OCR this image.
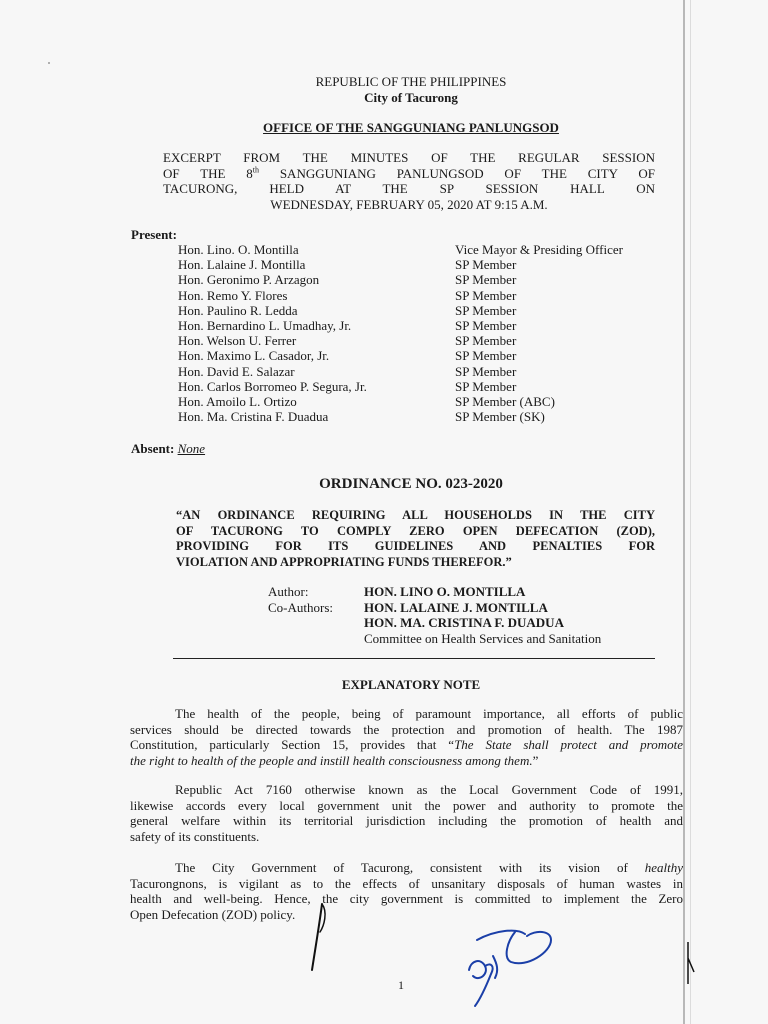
REPUBLIC OF THE PHILIPPINES
City of Tacurong
OFFICE OF THE SANGGUNIANG PANLUNGSOD
EXCERPT FROM THE MINUTES OF THE REGULAR SESSION
OF THE 8th SANGGUNIANG PANLUNGSOD OF THE CITY OF
TACURONG, HELD AT THE SP SESSION HALL ON
WEDNESDAY, FEBRUARY 05, 2020 AT 9:15 A.M.
Present:
Hon. Lino. O. Montilla	Vice Mayor & Presiding Officer
Hon. Lalaine J. Montilla	SP Member
Hon. Geronimo P. Arzagon	SP Member
Hon. Remo Y. Flores	SP Member
Hon. Paulino R. Ledda	SP Member
Hon. Bernardino L. Umadhay, Jr.	SP Member
Hon. Welson U. Ferrer	SP Member
Hon. Maximo L. Casador, Jr.	SP Member
Hon. David E. Salazar	SP Member
Hon. Carlos Borromeo P. Segura, Jr.	SP Member
Hon. Amoilo L. Ortizo	SP Member (ABC)
Hon. Ma. Cristina F. Duadua	SP Member (SK)
Absent: None
ORDINANCE NO. 023-2020
“AN ORDINANCE REQUIRING ALL HOUSEHOLDS IN THE CITY
OF TACURONG TO COMPLY ZERO OPEN DEFECATION (ZOD),
PROVIDING FOR ITS GUIDELINES AND PENALTIES FOR
VIOLATION AND APPROPRIATING FUNDS THEREFOR.”
Author:	HON. LINO O. MONTILLA
Co-Authors: HON. LALAINE J. MONTILLA
HON. MA. CRISTINA F. DUADUA
Committee on Health Services and Sanitation
EXPLANATORY NOTE
The health of the people, being of paramount importance, all efforts of public
services should be directed towards the protection and promotion of health. The 1987
Constitution, particularly Section 15, provides that “The State shall protect and promote
the right to health of the people and instill health consciousness among them.”
Republic Act 7160 otherwise known as the Local Government Code of 1991,
likewise accords every local government unit the power and authority to promote the
general welfare within its territorial jurisdiction including the promotion of health and
safety of its constituents.
The City Government of Tacurong, consistent with its vision of healthy
Tacurongnons, is vigilant as to the effects of unsanitary disposals of human wastes in
health and well-being. Hence, the city government is committed to implement the Zero
Open Defecation (ZOD) policy.
1
